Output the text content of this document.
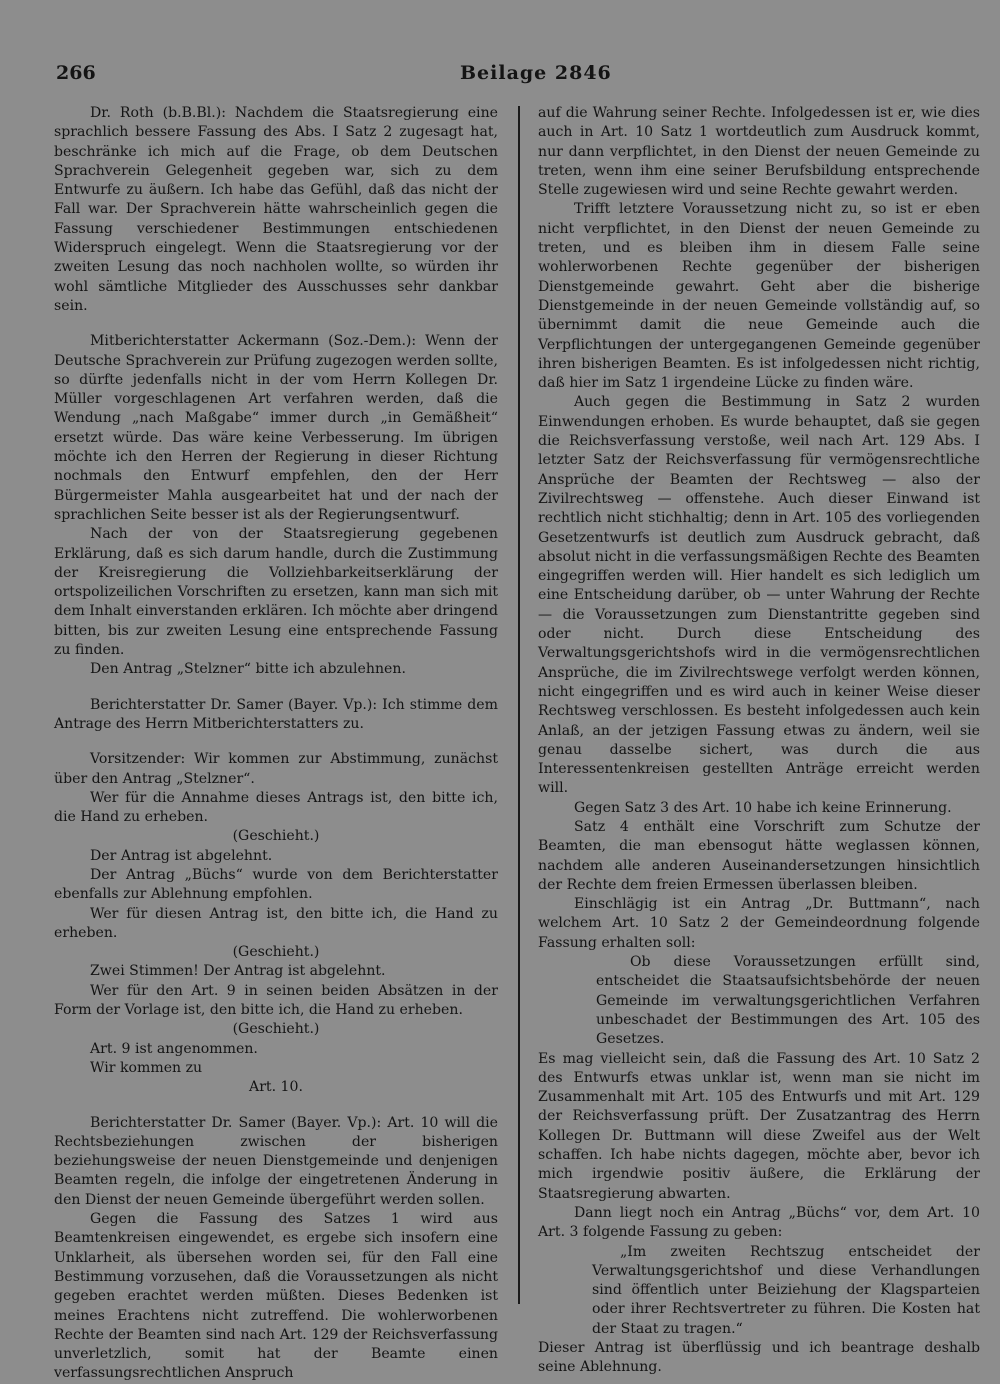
266	Beilage 2846

Dr. Roth (b.B.Bl.): Nachdem die Staatsregierung eine sprachlich bessere Fassung des Abs. I Satz 2 zugesagt hat, beschränke ich mich auf die Frage, ob dem Deutschen Sprachverein Gelegenheit gegeben war, sich zu dem Entwurfe zu äußern. Ich habe das Gefühl, daß das nicht der Fall war. Der Sprachverein hätte wahrscheinlich gegen die Fassung verschiedener Bestimmungen entschiedenen Widerspruch eingelegt. Wenn die Staatsregierung vor der zweiten Lesung das noch nachholen wollte, so würden ihr wohl sämtliche Mitglieder des Ausschusses sehr dankbar sein.

Mitberichterstatter Ackermann (Soz.-Dem.): Wenn der Deutsche Sprachverein zur Prüfung zugezogen werden sollte, so dürfte jedenfalls nicht in der vom Herrn Kollegen Dr. Müller vorgeschlagenen Art verfahren werden, daß die Wendung „nach Maßgabe“ immer durch „in Gemäßheit“ ersetzt würde. Das wäre keine Verbesserung. Im übrigen möchte ich den Herren der Regierung in dieser Richtung nochmals den Entwurf empfehlen, den der Herr Bürgermeister Mahla ausgearbeitet hat und der nach der sprachlichen Seite besser ist als der Regierungsentwurf.

Nach der von der Staatsregierung gegebenen Erklärung, daß es sich darum handle, durch die Zustimmung der Kreisregierung die Vollziehbarkeitserklärung der ortspolizeilichen Vorschriften zu ersetzen, kann man sich mit dem Inhalt einverstanden erklären. Ich möchte aber dringend bitten, bis zur zweiten Lesung eine entsprechende Fassung zu finden.

Den Antrag „Stelzner“ bitte ich abzulehnen.

Berichterstatter Dr. Samer (Bayer. Vp.): Ich stimme dem Antrage des Herrn Mitberichterstatters zu.

Vorsitzender: Wir kommen zur Abstimmung, zunächst über den Antrag „Stelzner“.

Wer für die Annahme dieses Antrags ist, den bitte ich, die Hand zu erheben.

(Geschieht.)

Der Antrag ist abgelehnt.

Der Antrag „Büchs“ wurde von dem Berichterstatter ebenfalls zur Ablehnung empfohlen.

Wer für diesen Antrag ist, den bitte ich, die Hand zu erheben.

(Geschieht.)

Zwei Stimmen! Der Antrag ist abgelehnt.

Wer für den Art. 9 in seinen beiden Absätzen in der Form der Vorlage ist, den bitte ich, die Hand zu erheben.

(Geschieht.)

Art. 9 ist angenommen.

Wir kommen zu

Art. 10.

Berichterstatter Dr. Samer (Bayer. Vp.): Art. 10 will die Rechtsbeziehungen zwischen der bisherigen beziehungsweise der neuen Dienstgemeinde und denjenigen Beamten regeln, die infolge der eingetretenen Änderung in den Dienst der neuen Gemeinde übergeführt werden sollen.

Gegen die Fassung des Satzes 1 wird aus Beamtenkreisen eingewendet, es ergebe sich insofern eine Unklarheit, als übersehen worden sei, für den Fall eine Bestimmung vorzusehen, daß die Voraussetzungen als nicht gegeben erachtet werden müßten. Dieses Bedenken ist meines Erachtens nicht zutreffend. Die wohlerworbenen Rechte der Beamten sind nach Art. 129 der Reichsverfassung unverletzlich, somit hat der Beamte einen verfassungsrechtlichen Anspruch

auf die Wahrung seiner Rechte. Infolgedessen ist er, wie dies auch in Art. 10 Satz 1 wortdeutlich zum Ausdruck kommt, nur dann verpflichtet, in den Dienst der neuen Gemeinde zu treten, wenn ihm eine seiner Berufsbildung entsprechende Stelle zugewiesen wird und seine Rechte gewahrt werden.

Trifft letztere Voraussetzung nicht zu, so ist er eben nicht verpflichtet, in den Dienst der neuen Gemeinde zu treten, und es bleiben ihm in diesem Falle seine wohlerworbenen Rechte gegenüber der bisherigen Dienstgemeinde gewahrt. Geht aber die bisherige Dienstgemeinde in der neuen Gemeinde vollständig auf, so übernimmt damit die neue Gemeinde auch die Verpflichtungen der untergegangenen Gemeinde gegenüber ihren bisherigen Beamten. Es ist infolgedessen nicht richtig, daß hier im Satz 1 irgendeine Lücke zu finden wäre.

Auch gegen die Bestimmung in Satz 2 wurden Einwendungen erhoben. Es wurde behauptet, daß sie gegen die Reichsverfassung verstoße, weil nach Art. 129 Abs. I letzter Satz der Reichsverfassung für vermögensrechtliche Ansprüche der Beamten der Rechtsweg — also der Zivilrechtsweg — offenstehe. Auch dieser Einwand ist rechtlich nicht stichhaltig; denn in Art. 105 des vorliegenden Gesetzentwurfs ist deutlich zum Ausdruck gebracht, daß absolut nicht in die verfassungsmäßigen Rechte des Beamten eingegriffen werden will. Hier handelt es sich lediglich um eine Entscheidung darüber, ob — unter Wahrung der Rechte — die Voraussetzungen zum Dienstantritte gegeben sind oder nicht. Durch diese Entscheidung des Verwaltungsgerichtshofs wird in die vermögensrechtlichen Ansprüche, die im Zivilrechtswege verfolgt werden können, nicht eingegriffen und es wird auch in keiner Weise dieser Rechtsweg verschlossen. Es besteht infolgedessen auch kein Anlaß, an der jetzigen Fassung etwas zu ändern, weil sie genau dasselbe sichert, was durch die aus Interessentenkreisen gestellten Anträge erreicht werden will.

Gegen Satz 3 des Art. 10 habe ich keine Erinnerung.

Satz 4 enthält eine Vorschrift zum Schutze der Beamten, die man ebensogut hätte weglassen können, nachdem alle anderen Auseinandersetzungen hinsichtlich der Rechte dem freien Ermessen überlassen bleiben.

Einschlägig ist ein Antrag „Dr. Buttmann“, nach welchem Art. 10 Satz 2 der Gemeindeordnung folgende Fassung erhalten soll:

Ob diese Voraussetzungen erfüllt sind, entscheidet die Staatsaufsichtsbehörde der neuen Gemeinde im verwaltungsgerichtlichen Verfahren unbeschadet der Bestimmungen des Art. 105 des Gesetzes.

Es mag vielleicht sein, daß die Fassung des Art. 10 Satz 2 des Entwurfs etwas unklar ist, wenn man sie nicht im Zusammenhalt mit Art. 105 des Entwurfs und mit Art. 129 der Reichsverfassung prüft. Der Zusatzantrag des Herrn Kollegen Dr. Buttmann will diese Zweifel aus der Welt schaffen. Ich habe nichts dagegen, möchte aber, bevor ich mich irgendwie positiv äußere, die Erklärung der Staatsregierung abwarten.

Dann liegt noch ein Antrag „Büchs“ vor, dem Art. 10 Art. 3 folgende Fassung zu geben:

„Im zweiten Rechtszug entscheidet der Verwaltungsgerichtshof und diese Verhandlungen sind öffentlich unter Beiziehung der Klagsparteien oder ihrer Rechtsvertreter zu führen. Die Kosten hat der Staat zu tragen.“

Dieser Antrag ist überflüssig und ich beantrage deshalb seine Ablehnung.
